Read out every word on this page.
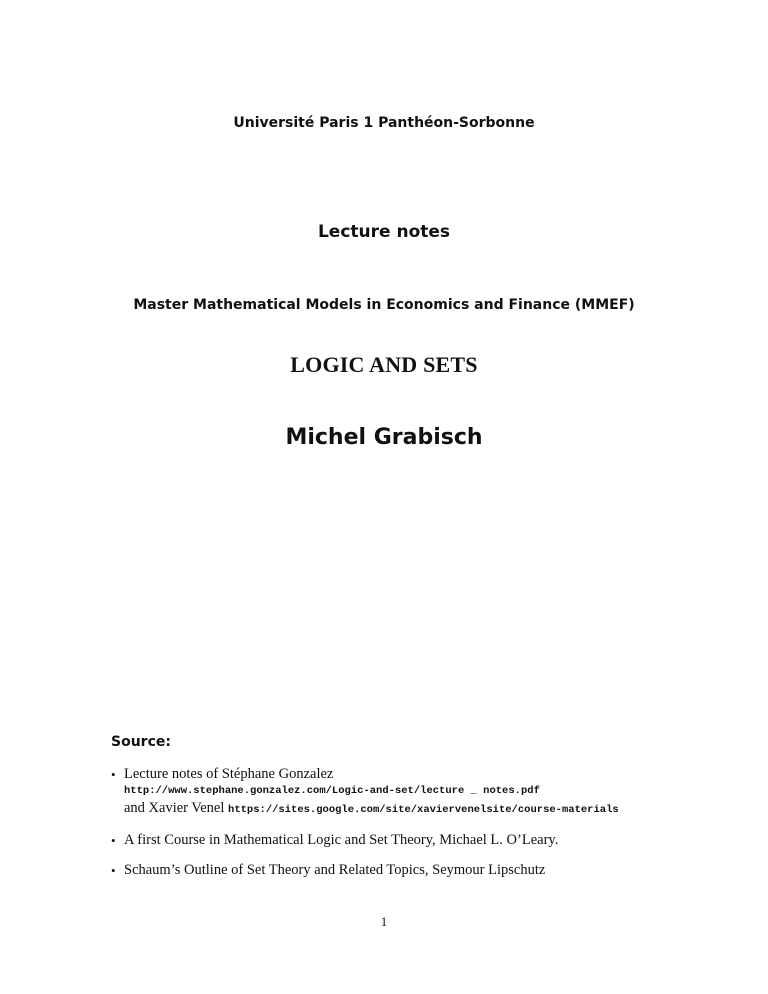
Université Paris 1 Panthéon-Sorbonne

Lecture notes

Master Mathematical Models in Economics and Finance (MMEF)

LOGIC AND SETS
Michel Grabisch
Source:
• Lecture notes of Stéphane Gonzalez
http://www.stephane.gonzalez.com/Logic-and-set/lecture _ notes.pdf
and Xavier Venel https://sites.google.com/site/xaviervenelsite/course-materials
• A first Course in Mathematical Logic and Set Theory, Michael L. O’Leary.
• Schaum’s Outline of Set Theory and Related Topics, Seymour Lipschutz

1
